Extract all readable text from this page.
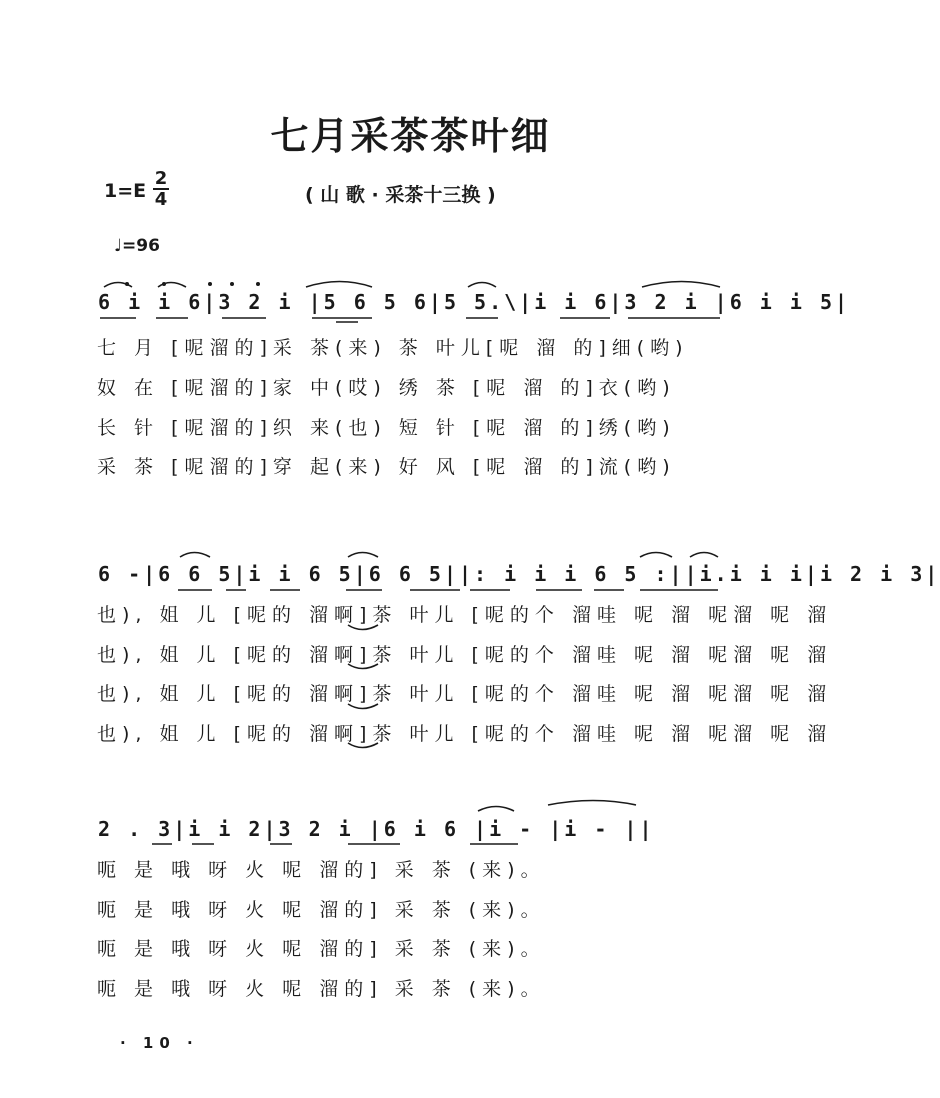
七月采茶茶叶细
1=E
2
4	( 山 歌 · 采茶十三换 )
♩=96
6 i i 6|3 2 i |5 6 5 6|5 5.\|i i 6|3 2 i |6 i i 5|
七 月 [呢溜的]采 茶(来) 茶 叶儿[呢 溜 的]细(哟)
奴 在 [呢溜的]家 中(哎) 绣 茶 [呢 溜 的]衣(哟)
长 针 [呢溜的]织 来(也) 短 针 [呢 溜 的]绣(哟)
采 茶 [呢溜的]穿 起(来) 好 风 [呢 溜 的]流(哟)
6 -|6 6 5|i i 6 5|6 6 5||: i i i 6 5 :||i.i i i|i 2 i 3|
也), 姐 儿 [呢的 溜啊]茶 叶儿 [呢的个 溜哇 呢 溜 呢溜 呢 溜
也), 姐 儿 [呢的 溜啊]茶 叶儿 [呢的个 溜哇 呢 溜 呢溜 呢 溜
也), 姐 儿 [呢的 溜啊]茶 叶儿 [呢的个 溜哇 呢 溜 呢溜 呢 溜
也), 姐 儿 [呢的 溜啊]茶 叶儿 [呢的个 溜哇 呢 溜 呢溜 呢 溜
2 . 3|i i 2|3 2 i |6 i 6 |i - |i - ||
呃 是 哦 呀 火 呢 溜的] 采 茶 (来)。
呃 是 哦 呀 火 呢 溜的] 采 茶 (来)。
呃 是 哦 呀 火 呢 溜的] 采 茶 (来)。
呃 是 哦 呀 火 呢 溜的] 采 茶 (来)。
· 10 ·
